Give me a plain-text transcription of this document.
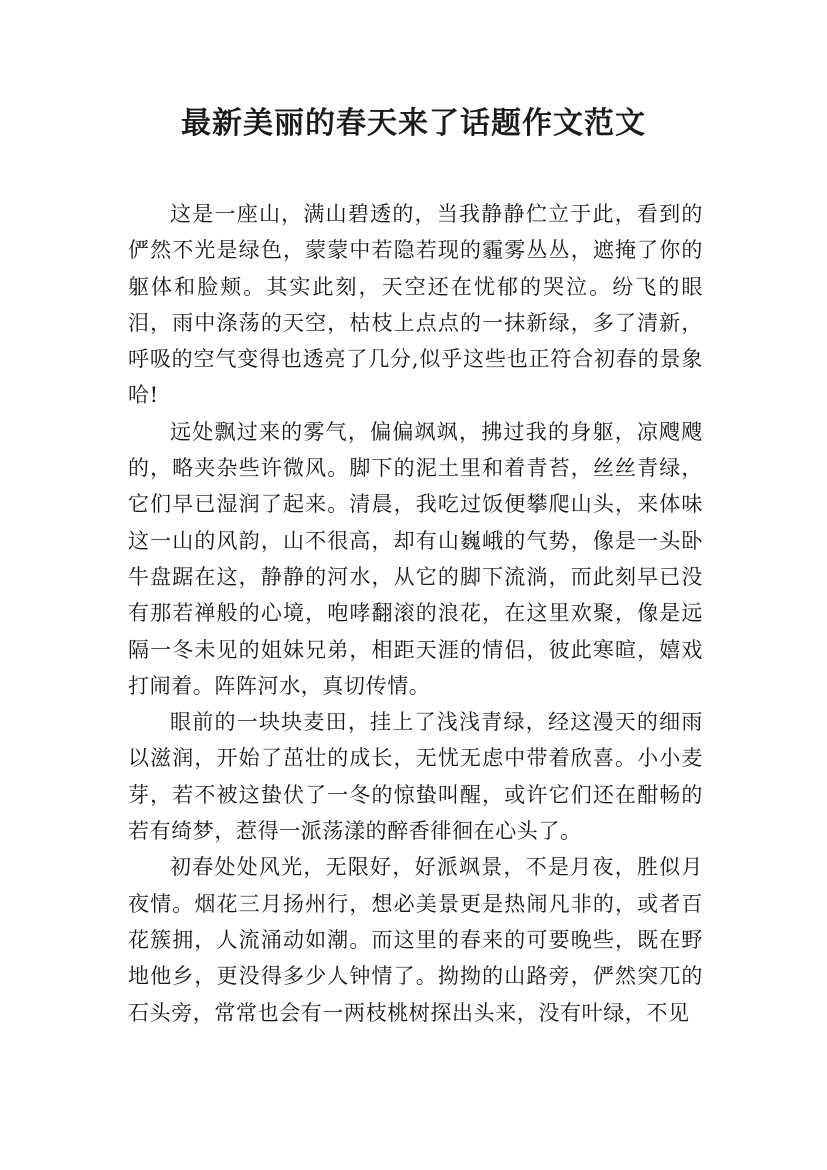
最新美丽的春天来了话题作文范文

这是一座山，满山碧透的，当我静静伫立于此，看到的俨然不光是绿色，蒙蒙中若隐若现的霾雾丛丛，遮掩了你的躯体和脸颊。其实此刻，天空还在忧郁的哭泣。纷飞的眼泪，雨中涤荡的天空，枯枝上点点的一抹新绿，多了清新，呼吸的空气变得也透亮了几分,似乎这些也正符合初春的景象哈!

远处飘过来的雾气，偏偏飒飒，拂过我的身躯，凉飕飕的，略夹杂些许微风。脚下的泥土里和着青苔，丝丝青绿，它们早已湿润了起来。清晨，我吃过饭便攀爬山头，来体味这一山的风韵，山不很高，却有山巍峨的气势，像是一头卧牛盘踞在这，静静的河水，从它的脚下流淌，而此刻早已没有那若禅般的心境，咆哮翻滚的浪花，在这里欢聚，像是远隔一冬未见的姐妹兄弟，相距天涯的情侣，彼此寒暄，嬉戏打闹着。阵阵河水，真切传情。

眼前的一块块麦田，挂上了浅浅青绿，经这漫天的细雨以滋润，开始了茁壮的成长，无忧无虑中带着欣喜。小小麦芽，若不被这蛰伏了一冬的惊蛰叫醒，或许它们还在酣畅的若有绮梦，惹得一派荡漾的醉香徘徊在心头了。

初春处处风光，无限好，好派飒景，不是月夜，胜似月夜情。烟花三月扬州行，想必美景更是热闹凡非的，或者百花簇拥，人流涌动如潮。而这里的春来的可要晚些，既在野地他乡，更没得多少人钟情了。拗拗的山路旁，俨然突兀的石头旁，常常也会有一两枝桃树探出头来，没有叶绿，不见
